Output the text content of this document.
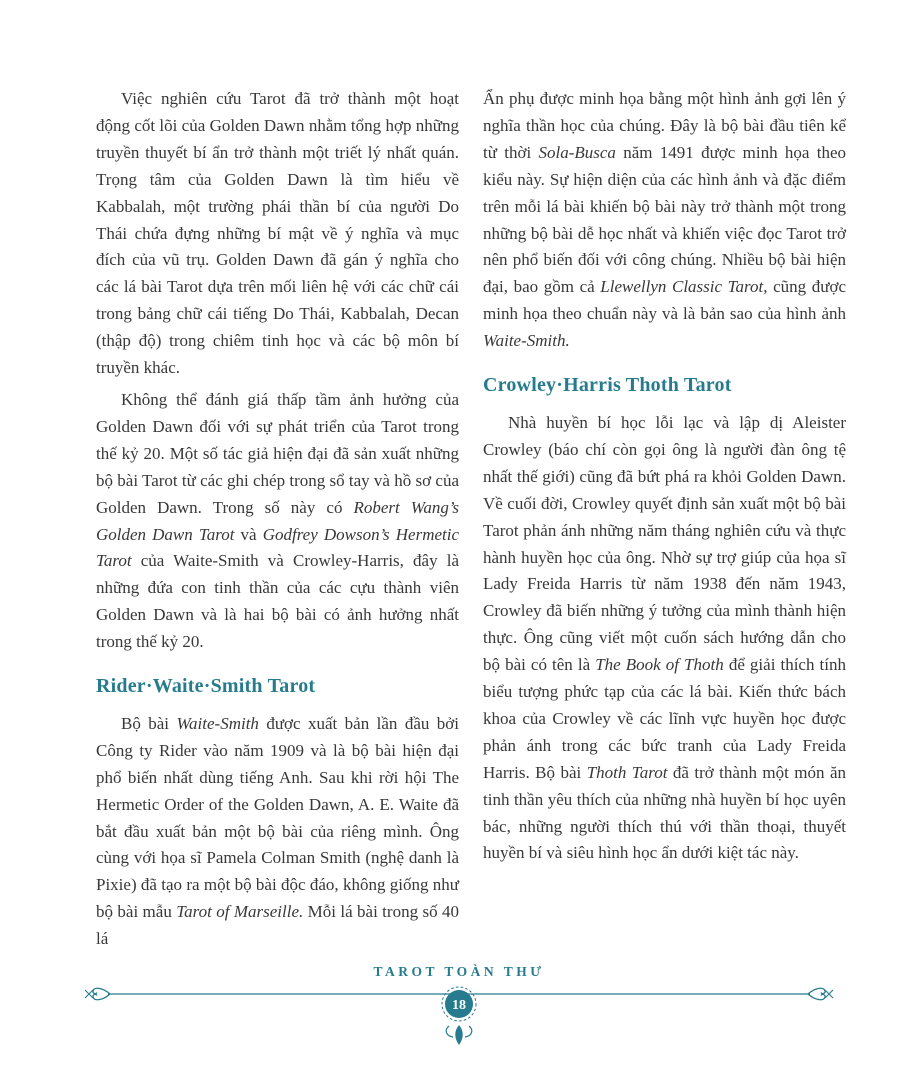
Việc nghiên cứu Tarot đã trở thành một hoạt động cốt lõi của Golden Dawn nhằm tổng hợp những truyền thuyết bí ẩn trở thành một triết lý nhất quán. Trọng tâm của Golden Dawn là tìm hiểu về Kabbalah, một trường phái thần bí của người Do Thái chứa đựng những bí mật về ý nghĩa và mục đích của vũ trụ. Golden Dawn đã gán ý nghĩa cho các lá bài Tarot dựa trên mối liên hệ với các chữ cái trong bảng chữ cái tiếng Do Thái, Kabbalah, Decan (thập độ) trong chiêm tinh học và các bộ môn bí truyền khác.

Không thể đánh giá thấp tầm ảnh hưởng của Golden Dawn đối với sự phát triển của Tarot trong thế kỷ 20. Một số tác giả hiện đại đã sản xuất những bộ bài Tarot từ các ghi chép trong sổ tay và hồ sơ của Golden Dawn. Trong số này có Robert Wang’s Golden Dawn Tarot và Godfrey Dowson’s Hermetic Tarot của Waite-Smith và Crowley-Harris, đây là những đứa con tinh thần của các cựu thành viên Golden Dawn và là hai bộ bài có ảnh hưởng nhất trong thế kỷ 20.

Rider·Waite·Smith Tarot

Bộ bài Waite-Smith được xuất bản lần đầu bởi Công ty Rider vào năm 1909 và là bộ bài hiện đại phổ biến nhất dùng tiếng Anh. Sau khi rời hội The Hermetic Order of the Golden Dawn, A. E. Waite đã bắt đầu xuất bản một bộ bài của riêng mình. Ông cùng với họa sĩ Pamela Colman Smith (nghệ danh là Pixie) đã tạo ra một bộ bài độc đáo, không giống như bộ bài mẫu Tarot of Marseille. Mỗi lá bài trong số 40 lá

Ẩn phụ được minh họa bằng một hình ảnh gợi lên ý nghĩa thần học của chúng. Đây là bộ bài đầu tiên kể từ thời Sola-Busca năm 1491 được minh họa theo kiểu này. Sự hiện diện của các hình ảnh và đặc điểm trên mỗi lá bài khiến bộ bài này trở thành một trong những bộ bài dễ học nhất và khiến việc đọc Tarot trở nên phổ biến đối với công chúng. Nhiều bộ bài hiện đại, bao gồm cả Llewellyn Classic Tarot, cũng được minh họa theo chuẩn này và là bản sao của hình ảnh Waite-Smith.

Crowley·Harris Thoth Tarot

Nhà huyền bí học lỗi lạc và lập dị Aleister Crowley (báo chí còn gọi ông là người đàn ông tệ nhất thế giới) cũng đã bứt phá ra khỏi Golden Dawn. Về cuối đời, Crowley quyết định sản xuất một bộ bài Tarot phản ánh những năm tháng nghiên cứu và thực hành huyền học của ông. Nhờ sự trợ giúp của họa sĩ Lady Freida Harris từ năm 1938 đến năm 1943, Crowley đã biến những ý tưởng của mình thành hiện thực. Ông cũng viết một cuốn sách hướng dẫn cho bộ bài có tên là The Book of Thoth để giải thích tính biểu tượng phức tạp của các lá bài. Kiến thức bách khoa của Crowley về các lĩnh vực huyền học được phản ánh trong các bức tranh của Lady Freida Harris. Bộ bài Thoth Tarot đã trở thành một món ăn tinh thần yêu thích của những nhà huyền bí học uyên bác, những người thích thú với thần thoại, thuyết huyền bí và siêu hình học ẩn dưới kiệt tác này.

TAROT TOÀN THƯ
18
